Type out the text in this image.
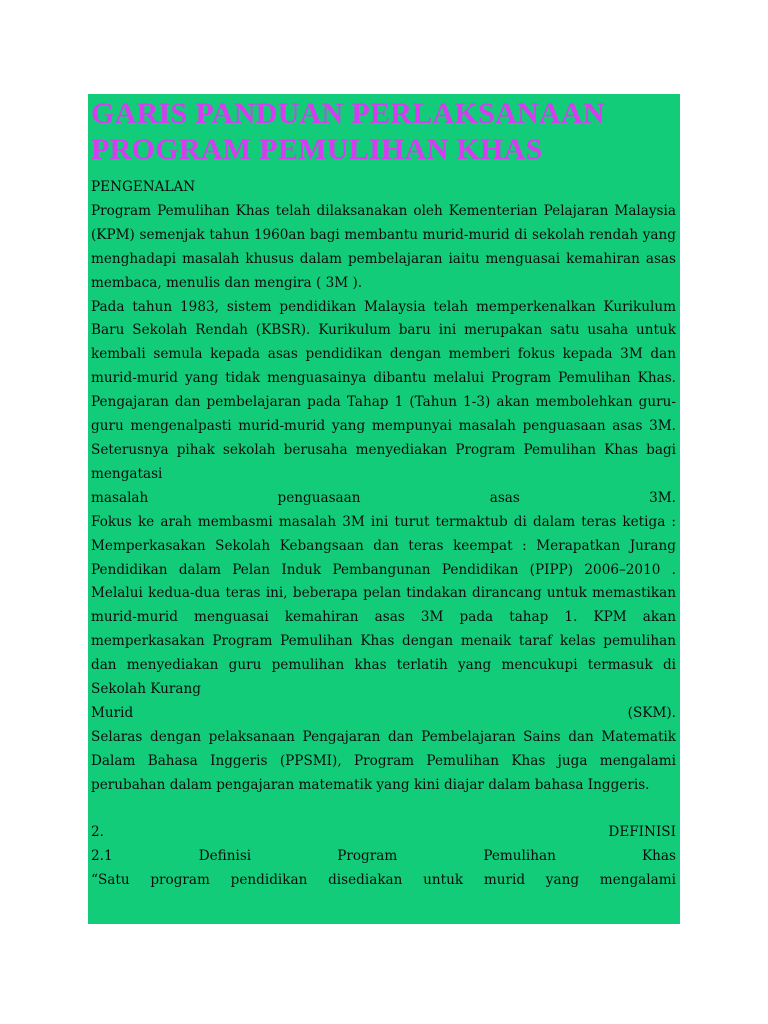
GARIS PANDUAN PERLAKSANAAN PROGRAM PEMULIHAN KHAS
PENGENALAN

Program Pemulihan Khas telah dilaksanakan oleh Kementerian Pelajaran Malaysia (KPM) semenjak tahun 1960an bagi membantu murid-murid di sekolah rendah yang menghadapi masalah khusus dalam pembelajaran iaitu menguasai kemahiran asas membaca, menulis dan mengira ( 3M ).

Pada tahun 1983, sistem pendidikan Malaysia telah memperkenalkan Kurikulum Baru Sekolah Rendah (KBSR). Kurikulum baru ini merupakan satu usaha untuk kembali semula kepada asas pendidikan dengan memberi fokus kepada 3M dan murid-murid yang tidak menguasainya dibantu melalui Program Pemulihan Khas. Pengajaran dan pembelajaran pada Tahap 1 (Tahun 1-3) akan membolehkan guru-guru mengenalpasti murid-murid yang mempunyai masalah penguasaan asas 3M. Seterusnya pihak sekolah berusaha menyediakan Program Pemulihan Khas bagi mengatasi

masalah	penguasaan	asas	3M.

Fokus ke arah membasmi masalah 3M ini turut termaktub di dalam teras ketiga : Memperkasakan Sekolah Kebangsaan dan teras keempat : Merapatkan Jurang Pendidikan dalam Pelan Induk Pembangunan Pendidikan (PIPP) 2006–2010 . Melalui kedua-dua teras ini, beberapa pelan tindakan dirancang untuk memastikan murid-murid menguasai kemahiran asas 3M pada tahap 1. KPM akan memperkasakan Program Pemulihan Khas dengan menaik taraf kelas pemulihan dan menyediakan guru pemulihan khas terlatih yang mencukupi termasuk di Sekolah Kurang

Murid	(SKM).

Selaras dengan pelaksanaan Pengajaran dan Pembelajaran Sains dan Matematik Dalam Bahasa Inggeris (PPSMI), Program Pemulihan Khas juga mengalami perubahan dalam pengajaran matematik yang kini diajar dalam bahasa Inggeris.

2.	DEFINISI
2.1	Definisi	Program	Pemulihan	Khas
“Satu program pendidikan disediakan untuk murid yang mengalami
